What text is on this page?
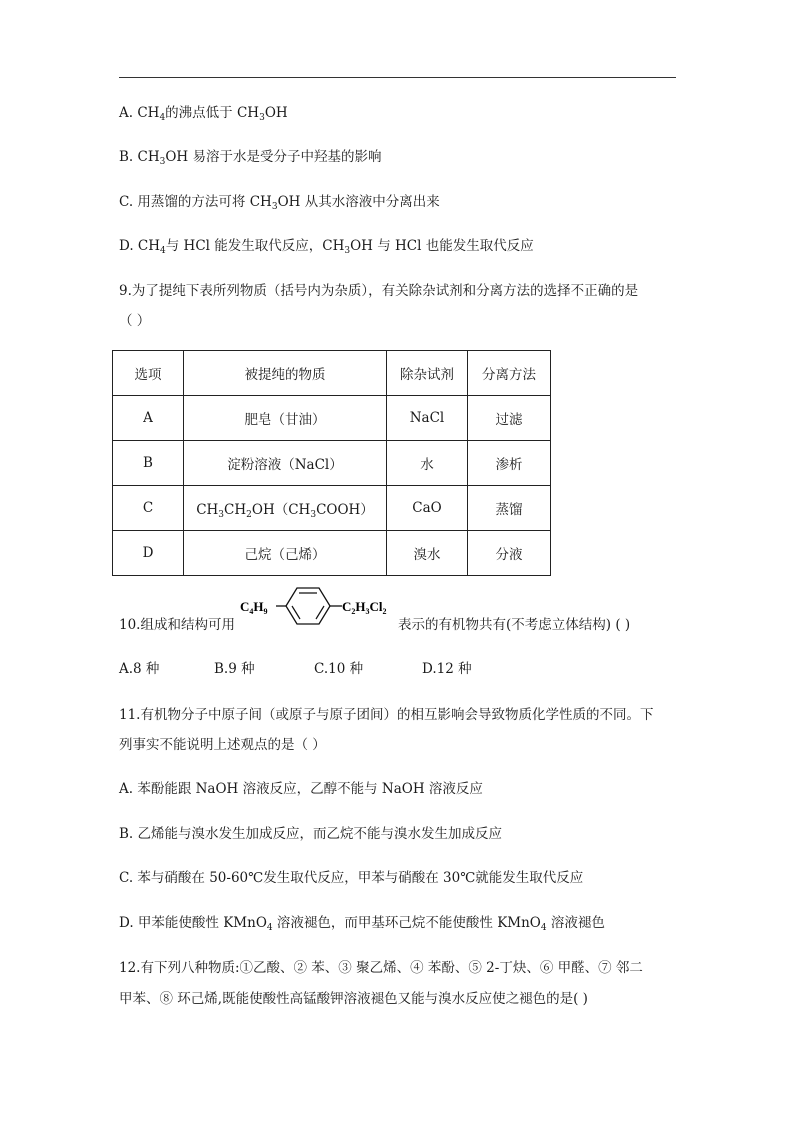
A. $CH_4$的沸点低于 $CH_3OH$
B. $CH_3OH$ 易溶于水是受分子中羟基的影响
C. 用蒸馏的方法可将 $CH_3OH$ 从其水溶液中分离出来
D. $CH_4$与 HCl 能发生取代反应，$CH_3OH$ 与 HCl 也能发生取代反应
9.为了提纯下表所列物质（括号内为杂质），有关除杂试剂和分离方法的选择不正确的是
（ ）
选项	被提纯的物质	除杂试剂	分离方法
A	肥皂（甘油）	NaCl	过滤
B	淀粉溶液（NaCl）	水	渗析
C	$CH_3CH_2OH(CH_3COOH)$	CaO	蒸馏
D	己烷（己烯）	溴水	分液
10.组成和结构可用
$C_4H_9$	$C_2H_3Cl_2$
表示的有机物共有(不考虑立体结构) ( )
A.8 种	B.9 种	C.10 种	D.12 种
11.有机物分子中原子间（或原子与原子团间）的相互影响会导致物质化学性质的不同。下
列事实不能说明上述观点的是（ ）
A. 苯酚能跟 NaOH 溶液反应，乙醇不能与 NaOH 溶液反应
B. 乙烯能与溴水发生加成反应，而乙烷不能与溴水发生加成反应
C. 苯与硝酸在 50-60℃发生取代反应，甲苯与硝酸在 30℃就能发生取代反应
D. 甲苯能使酸性 KMnO$_4$ 溶液褪色，而甲基环己烷不能使酸性 KMnO$_4$ 溶液褪色
12.有下列八种物质:①乙酸、② 苯、③ 聚乙烯、④ 苯酚、⑤ 2-丁炔、⑥ 甲醛、⑦ 邻二
甲苯、⑧ 环己烯,既能使酸性高锰酸钾溶液褪色又能与溴水反应使之褪色的是( )
